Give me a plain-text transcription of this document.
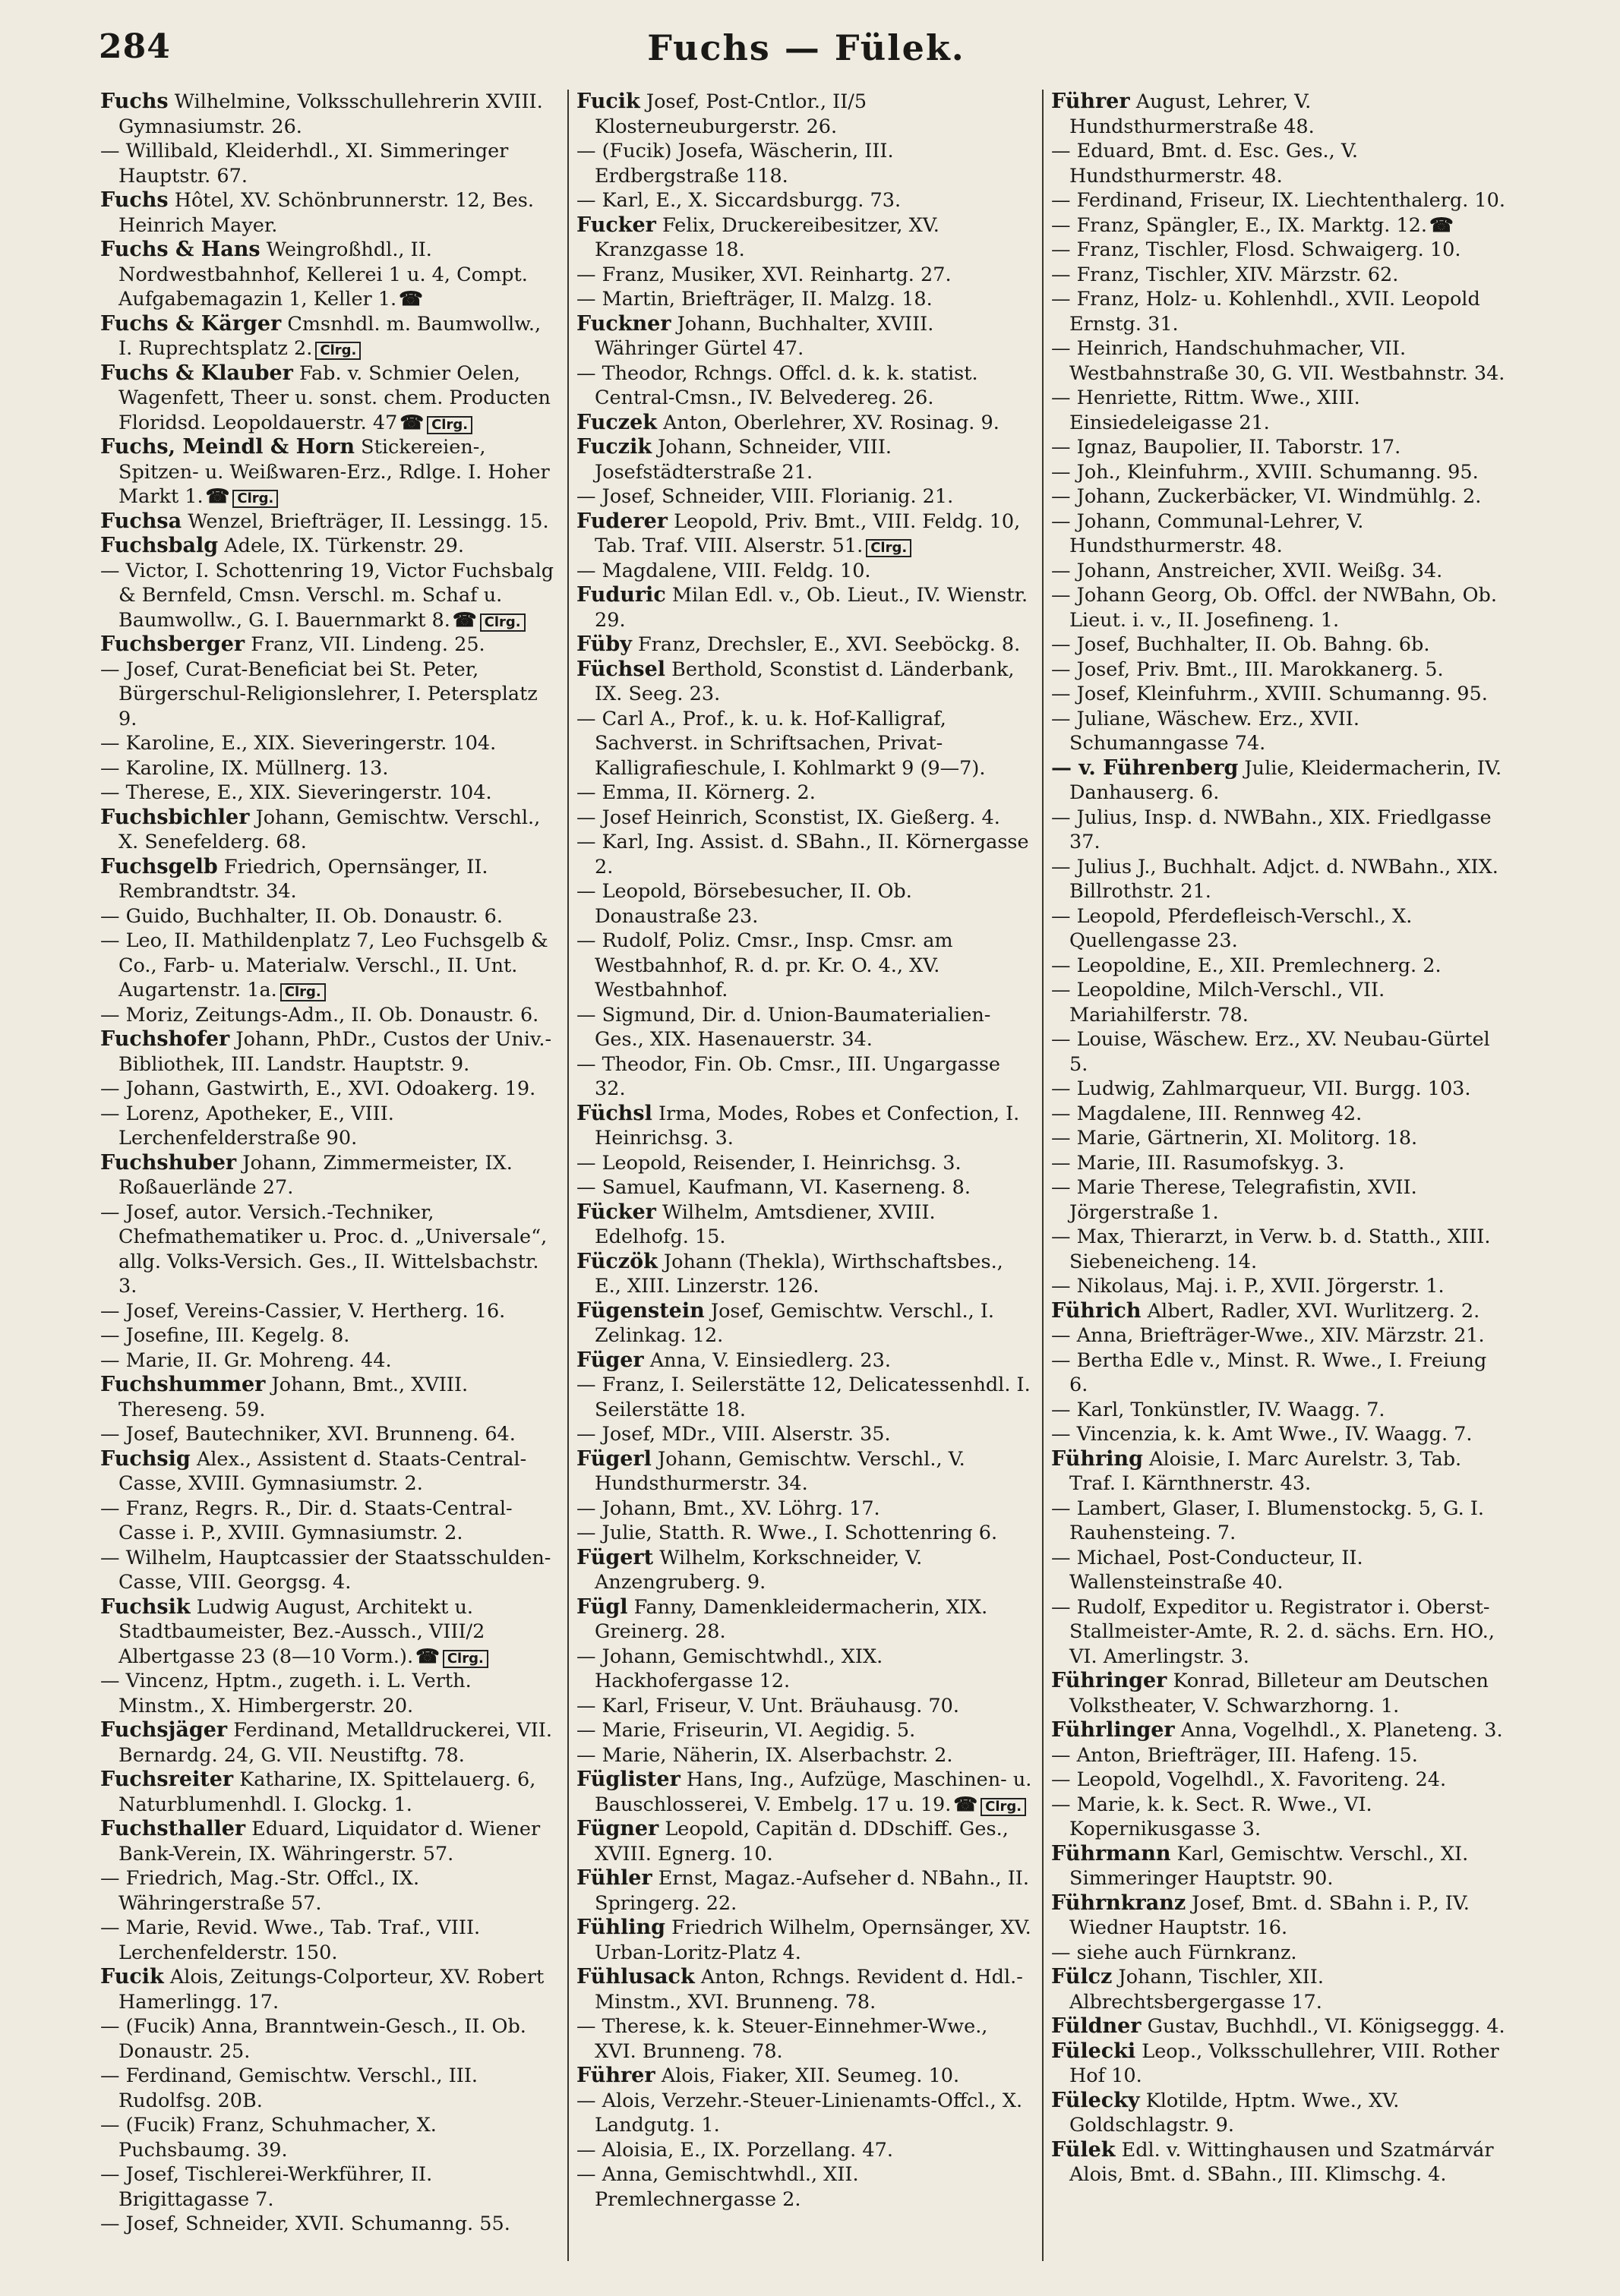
284	Fuchs — Fülek.
Fuchs Wilhelmine, Volksschullehrerin XVIII. Gymnasiumstr. 26.
— Willibald, Kleiderhdl., XI. Simmeringer Hauptstr. 67.
Fuchs Hôtel, XV. Schönbrunnerstr. 12, Bes. Heinrich Mayer.
Fuchs & Hans Weingroßhdl., II. Nordwestbahnhof, Kellerei 1 u. 4, Compt. Aufgabemagazin 1, Keller 1. ☎
Fuchs & Kärger Cmsnhdl. m. Baumwollw., I. Ruprechtsplatz 2. Clrg.
Fuchs & Klauber Fab. v. Schmier Oelen, Wagenfett, Theer u. sonst. chem. Producten Floridsd. Leopoldauerstr. 47 ☎ Clrg.
Fuchs, Meindl & Horn Stickereien-, Spitzen- u. Weißwaren-Erz., Rdlge. I. Hoher Markt 1. ☎ Clrg.
Fuchsa Wenzel, Briefträger, II. Lessingg. 15.
Fuchsbalg Adele, IX. Türkenstr. 29.
— Victor, I. Schottenring 19, Victor Fuchsbalg & Bernfeld, Cmsn. Verschl. m. Schaf u. Baumwollw., G. I. Bauernmarkt 8. ☎ Clrg.
Fuchsberger Franz, VII. Lindeng. 25.
— Josef, Curat-Beneficiat bei St. Peter, Bürgerschul-Religionslehrer, I. Petersplatz 9.
— Karoline, E., XIX. Sieveringerstr. 104.
— Karoline, IX. Müllnerg. 13.
— Therese, E., XIX. Sieveringerstr. 104.
Fuchsbichler Johann, Gemischtw. Verschl., X. Senefelderg. 68.
Fuchsgelb Friedrich, Opernsänger, II. Rembrandtstr. 34.
— Guido, Buchhalter, II. Ob. Donaustr. 6.
— Leo, II. Mathildenplatz 7, Leo Fuchsgelb & Co., Farb- u. Materialw. Verschl., II. Unt. Augartenstr. 1a. Clrg.
— Moriz, Zeitungs-Adm., II. Ob. Donaustr. 6.
Fuchshofer Johann, PhDr., Custos der Univ.-Bibliothek, III. Landstr. Hauptstr. 9.
— Johann, Gastwirth, E., XVI. Odoakerg. 19.
— Lorenz, Apotheker, E., VIII. Lerchenfelderstraße 90.
Fuchshuber Johann, Zimmermeister, IX. Roßauerlände 27.
— Josef, autor. Versich.-Techniker, Chefmathematiker u. Proc. d. „Universale“, allg. Volks-Versich. Ges., II. Wittelsbachstr. 3.
— Josef, Vereins-Cassier, V. Hertherg. 16.
— Josefine, III. Kegelg. 8.
— Marie, II. Gr. Mohreng. 44.
Fuchshummer Johann, Bmt., XVIII. Thereseng. 59.
— Josef, Bautechniker, XVI. Brunneng. 64.
Fuchsig Alex., Assistent d. Staats-Central-Casse, XVIII. Gymnasiumstr. 2.
— Franz, Regrs. R., Dir. d. Staats-Central-Casse i. P., XVIII. Gymnasiumstr. 2.
— Wilhelm, Hauptcassier der Staatsschulden-Casse, VIII. Georgsg. 4.
Fuchsik Ludwig August, Architekt u. Stadtbaumeister, Bez.-Aussch., VIII/2 Albertgasse 23 (8—10 Vorm.). ☎ Clrg.
— Vincenz, Hptm., zugeth. i. L. Verth. Minstm., X. Himbergerstr. 20.
Fuchsjäger Ferdinand, Metalldruckerei, VII. Bernardg. 24, G. VII. Neustiftg. 78.
Fuchsreiter Katharine, IX. Spittelauerg. 6, Naturblumenhdl. I. Glockg. 1.
Fuchsthaller Eduard, Liquidator d. Wiener Bank-Verein, IX. Währingerstr. 57.
— Friedrich, Mag.-Str. Offcl., IX. Währingerstraße 57.
— Marie, Revid. Wwe., Tab. Traf., VIII. Lerchenfelderstr. 150.
Fucik Alois, Zeitungs-Colporteur, XV. Robert Hamerlingg. 17.
— (Fucik) Anna, Branntwein-Gesch., II. Ob. Donaustr. 25.
— Ferdinand, Gemischtw. Verschl., III. Rudolfsg. 20B.
— (Fucik) Franz, Schuhmacher, X. Puchsbaumg. 39.
— Josef, Tischlerei-Werkführer, II. Brigittagasse 7.
— Josef, Schneider, XVII. Schumanng. 55.
Fucik Josef, Post-Cntlor., II/5 Klosterneuburgerstr. 26.
— (Fucik) Josefa, Wäscherin, III. Erdbergstraße 118.
— Karl, E., X. Siccardsburgg. 73.
Fucker Felix, Druckereibesitzer, XV. Kranzgasse 18.
— Franz, Musiker, XVI. Reinhartg. 27.
— Martin, Briefträger, II. Malzg. 18.
Fuckner Johann, Buchhalter, XVIII. Währinger Gürtel 47.
— Theodor, Rchngs. Offcl. d. k. k. statist. Central-Cmsn., IV. Belvedereg. 26.
Fuczek Anton, Oberlehrer, XV. Rosinag. 9.
Fuczik Johann, Schneider, VIII. Josefstädterstraße 21.
— Josef, Schneider, VIII. Florianig. 21.
Fuderer Leopold, Priv. Bmt., VIII. Feldg. 10, Tab. Traf. VIII. Alserstr. 51. Clrg.
— Magdalene, VIII. Feldg. 10.
Fuduric Milan Edl. v., Ob. Lieut., IV. Wienstr. 29.
Füby Franz, Drechsler, E., XVI. Seeböckg. 8.
Füchsel Berthold, Sconstist d. Länderbank, IX. Seeg. 23.
— Carl A., Prof., k. u. k. Hof-Kalligraf, Sachverst. in Schriftsachen, Privat-Kalligrafieschule, I. Kohlmarkt 9 (9—7).
— Emma, II. Körnerg. 2.
— Josef Heinrich, Sconstist, IX. Gießerg. 4.
— Karl, Ing. Assist. d. SBahn., II. Körnergasse 2.
— Leopold, Börsebesucher, II. Ob. Donaustraße 23.
— Rudolf, Poliz. Cmsr., Insp. Cmsr. am Westbahnhof, R. d. pr. Kr. O. 4., XV. Westbahnhof.
— Sigmund, Dir. d. Union-Baumaterialien-Ges., XIX. Hasenauerstr. 34.
— Theodor, Fin. Ob. Cmsr., III. Ungargasse 32.
Füchsl Irma, Modes, Robes et Confection, I. Heinrichsg. 3.
— Leopold, Reisender, I. Heinrichsg. 3.
— Samuel, Kaufmann, VI. Kaserneng. 8.
Fücker Wilhelm, Amtsdiener, XVIII. Edelhofg. 15.
Füczök Johann (Thekla), Wirthschaftsbes., E., XIII. Linzerstr. 126.
Fügenstein Josef, Gemischtw. Verschl., I. Zelinkag. 12.
Füger Anna, V. Einsiedlerg. 23.
— Franz, I. Seilerstätte 12, Delicatessenhdl. I. Seilerstätte 18.
— Josef, MDr., VIII. Alserstr. 35.
Fügerl Johann, Gemischtw. Verschl., V. Hundsthurmerstr. 34.
— Johann, Bmt., XV. Löhrg. 17.
— Julie, Statth. R. Wwe., I. Schottenring 6.
Fügert Wilhelm, Korkschneider, V. Anzengruberg. 9.
Fügl Fanny, Damenkleidermacherin, XIX. Greinerg. 28.
— Johann, Gemischtwhdl., XIX. Hackhofergasse 12.
— Karl, Friseur, V. Unt. Bräuhausg. 70.
— Marie, Friseurin, VI. Aegidig. 5.
— Marie, Näherin, IX. Alserbachstr. 2.
Füglister Hans, Ing., Aufzüge, Maschinen- u. Bauschlosserei, V. Embelg. 17 u. 19. ☎ Clrg.
Fügner Leopold, Capitän d. DDschiff. Ges., XVIII. Egnerg. 10.
Fühler Ernst, Magaz.-Aufseher d. NBahn., II. Springerg. 22.
Fühling Friedrich Wilhelm, Opernsänger, XV. Urban-Loritz-Platz 4.
Fühlusack Anton, Rchngs. Revident d. Hdl.-Minstm., XVI. Brunneng. 78.
— Therese, k. k. Steuer-Einnehmer-Wwe., XVI. Brunneng. 78.
Führer Alois, Fiaker, XII. Seumeg. 10.
— Alois, Verzehr.-Steuer-Linienamts-Offcl., X. Landgutg. 1.
— Aloisia, E., IX. Porzellang. 47.
— Anna, Gemischtwhdl., XII. Premlechnergasse 2.
Führer August, Lehrer, V. Hundsthurmerstraße 48.
— Eduard, Bmt. d. Esc. Ges., V. Hundsthurmerstr. 48.
— Ferdinand, Friseur, IX. Liechtenthalerg. 10.
— Franz, Spängler, E., IX. Marktg. 12. ☎
— Franz, Tischler, Flosd. Schwaigerg. 10.
— Franz, Tischler, XIV. Märzstr. 62.
— Franz, Holz- u. Kohlenhdl., XVII. Leopold Ernstg. 31.
— Heinrich, Handschuhmacher, VII. Westbahnstraße 30, G. VII. Westbahnstr. 34.
— Henriette, Rittm. Wwe., XIII. Einsiedeleigasse 21.
— Ignaz, Baupolier, II. Taborstr. 17.
— Joh., Kleinfuhrm., XVIII. Schumanng. 95.
— Johann, Zuckerbäcker, VI. Windmühlg. 2.
— Johann, Communal-Lehrer, V. Hundsthurmerstr. 48.
— Johann, Anstreicher, XVII. Weißg. 34.
— Johann Georg, Ob. Offcl. der NWBahn, Ob. Lieut. i. v., II. Josefineng. 1.
— Josef, Buchhalter, II. Ob. Bahng. 6b.
— Josef, Priv. Bmt., III. Marokkanerg. 5.
— Josef, Kleinfuhrm., XVIII. Schumanng. 95.
— Juliane, Wäschew. Erz., XVII. Schumanngasse 74.
— v. Führenberg Julie, Kleidermacherin, IV. Danhauserg. 6.
— Julius, Insp. d. NWBahn., XIX. Friedlgasse 37.
— Julius J., Buchhalt. Adjct. d. NWBahn., XIX. Billrothstr. 21.
— Leopold, Pferdefleisch-Verschl., X. Quellengasse 23.
— Leopoldine, E., XII. Premlechnerg. 2.
— Leopoldine, Milch-Verschl., VII. Mariahilferstr. 78.
— Louise, Wäschew. Erz., XV. Neubau-Gürtel 5.
— Ludwig, Zahlmarqueur, VII. Burgg. 103.
— Magdalene, III. Rennweg 42.
— Marie, Gärtnerin, XI. Molitorg. 18.
— Marie, III. Rasumofskyg. 3.
— Marie Therese, Telegrafistin, XVII. Jörgerstraße 1.
— Max, Thierarzt, in Verw. b. d. Statth., XIII. Siebeneicheng. 14.
— Nikolaus, Maj. i. P., XVII. Jörgerstr. 1.
Führich Albert, Radler, XVI. Wurlitzerg. 2.
— Anna, Briefträger-Wwe., XIV. Märzstr. 21.
— Bertha Edle v., Minst. R. Wwe., I. Freiung 6.
— Karl, Tonkünstler, IV. Waagg. 7.
— Vincenzia, k. k. Amt Wwe., IV. Waagg. 7.
Führing Aloisie, I. Marc Aurelstr. 3, Tab. Traf. I. Kärnthnerstr. 43.
— Lambert, Glaser, I. Blumenstockg. 5, G. I. Rauhensteing. 7.
— Michael, Post-Conducteur, II. Wallensteinstraße 40.
— Rudolf, Expeditor u. Registrator i. Oberst-Stallmeister-Amte, R. 2. d. sächs. Ern. HO., VI. Amerlingstr. 3.
Führinger Konrad, Billeteur am Deutschen Volkstheater, V. Schwarzhorng. 1.
Führlinger Anna, Vogelhdl., X. Planeteng. 3.
— Anton, Briefträger, III. Hafeng. 15.
— Leopold, Vogelhdl., X. Favoriteng. 24.
— Marie, k. k. Sect. R. Wwe., VI. Kopernikusgasse 3.
Führmann Karl, Gemischtw. Verschl., XI. Simmeringer Hauptstr. 90.
Führnkranz Josef, Bmt. d. SBahn i. P., IV. Wiedner Hauptstr. 16.
— siehe auch Fürnkranz.
Fülcz Johann, Tischler, XII. Albrechtsbergergasse 17.
Füldner Gustav, Buchhdl., VI. Königseggg. 4.
Fülecki Leop., Volksschullehrer, VIII. Rother Hof 10.
Fülecky Klotilde, Hptm. Wwe., XV. Goldschlagstr. 9.
Fülek Edl. v. Wittinghausen und Szatmárvár Alois, Bmt. d. SBahn., III. Klimschg. 4.
